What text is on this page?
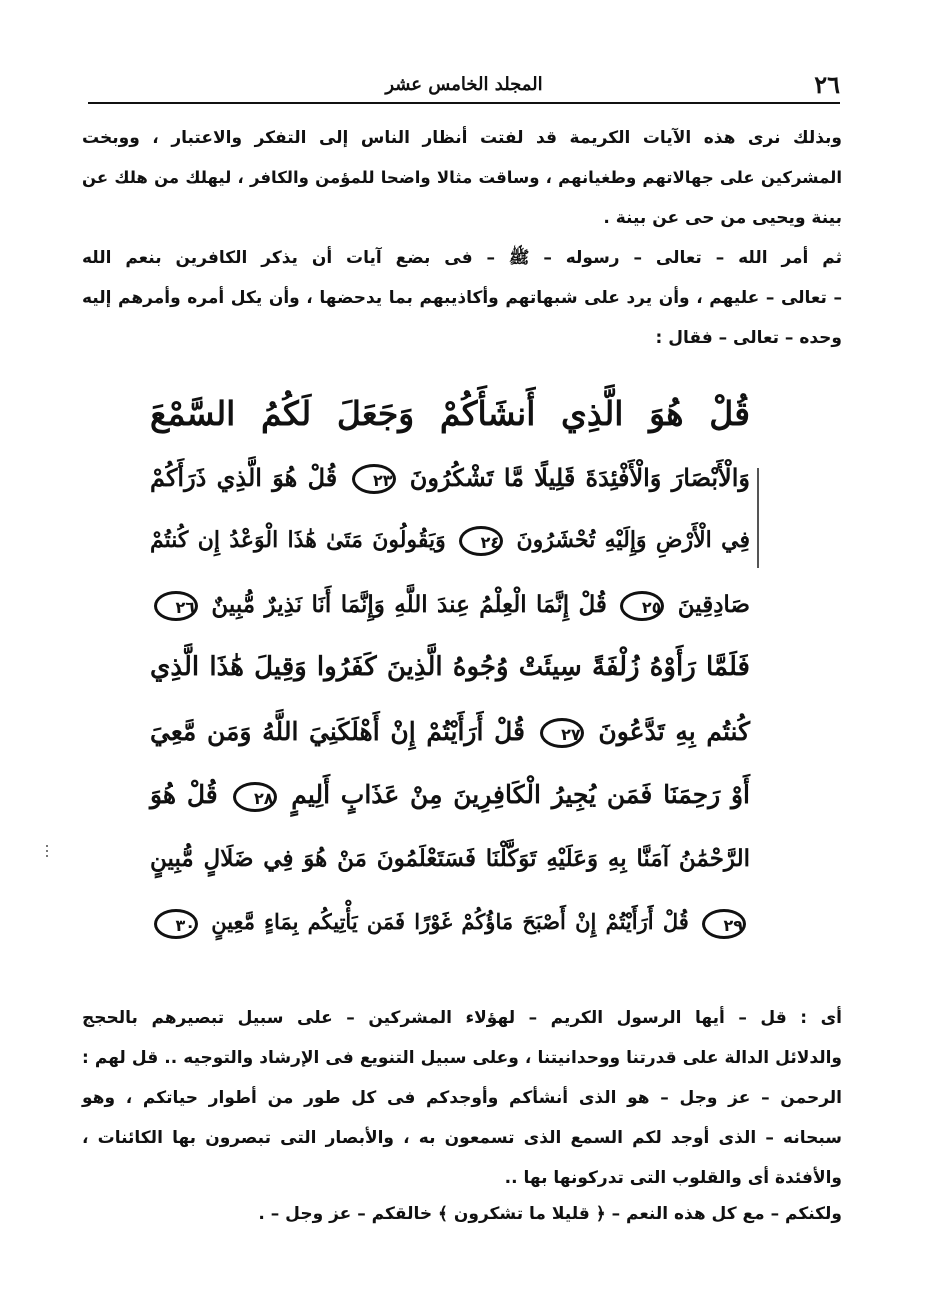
٢٦
المجلد الخامس عشر
وبذلك نرى هذه الآيات الكريمة قد لفتت أنظار الناس إلى التفكر والاعتبار ، ووبخت
المشركين على جهالاتهم وطغيانهم ، وساقت مثالا واضحا للمؤمن والكافر ، ليهلك من هلك عن
بينة ويحيى من حى عن بينة .
ثم أمر الله – تعالى – رسوله – ﷺ – فى بضع آيات أن يذكر الكافرين بنعم الله
– تعالى – عليهم ، وأن يرد على شبهاتهم وأكاذيبهم بما يدحضها ، وأن يكل أمره وأمرهم إليه
وحده – تعالى – فقال :
قُلْ هُوَ الَّذِي أَنشَأَكُمْ وَجَعَلَ لَكُمُ السَّمْعَ
وَالْأَبْصَارَ وَالْأَفْئِدَةَ قَلِيلًا مَّا تَشْكُرُونَ ٢٣ قُلْ هُوَ الَّذِي ذَرَأَكُمْ
فِي الْأَرْضِ وَإِلَيْهِ تُحْشَرُونَ ٢٤ وَيَقُولُونَ مَتَىٰ هَٰذَا الْوَعْدُ إِن كُنتُمْ
صَادِقِينَ ٢٥ قُلْ إِنَّمَا الْعِلْمُ عِندَ اللَّهِ وَإِنَّمَا أَنَا نَذِيرٌ مُّبِينٌ ٢٦
فَلَمَّا رَأَوْهُ زُلْفَةً سِيئَتْ وُجُوهُ الَّذِينَ كَفَرُوا وَقِيلَ هَٰذَا الَّذِي
كُنتُم بِهِ تَدَّعُونَ ٢٧ قُلْ أَرَأَيْتُمْ إِنْ أَهْلَكَنِيَ اللَّهُ وَمَن مَّعِيَ
أَوْ رَحِمَنَا فَمَن يُجِيرُ الْكَافِرِينَ مِنْ عَذَابٍ أَلِيمٍ ٢٨ قُلْ هُوَ
الرَّحْمَٰنُ آمَنَّا بِهِ وَعَلَيْهِ تَوَكَّلْنَا فَسَتَعْلَمُونَ مَنْ هُوَ فِي ضَلَالٍ مُّبِينٍ
٢٩ قُلْ أَرَأَيْتُمْ إِنْ أَصْبَحَ مَاؤُكُمْ غَوْرًا فَمَن يَأْتِيكُم بِمَاءٍ مَّعِينٍ ٣٠
أى : قل – أيها الرسول الكريم – لهؤلاء المشركين – على سبيل تبصيرهم بالحجج
والدلائل الدالة على قدرتنا ووحدانيتنا ، وعلى سبيل التنويع فى الإرشاد والتوجيه .. قل لهم :
الرحمن – عز وجل – هو الذى أنشأكم وأوجدكم فى كل طور من أطوار حياتكم ، وهو
سبحانه – الذى أوجد لكم السمع الذى تسمعون به ، والأبصار التى تبصرون بها الكائنات ،
والأفئدة أى والقلوب التى تدركونها بها ..
ولكنكم – مع كل هذه النعم – ﴿ قليلا ما تشكرون ﴾ خالقكم – عز وجل – .
